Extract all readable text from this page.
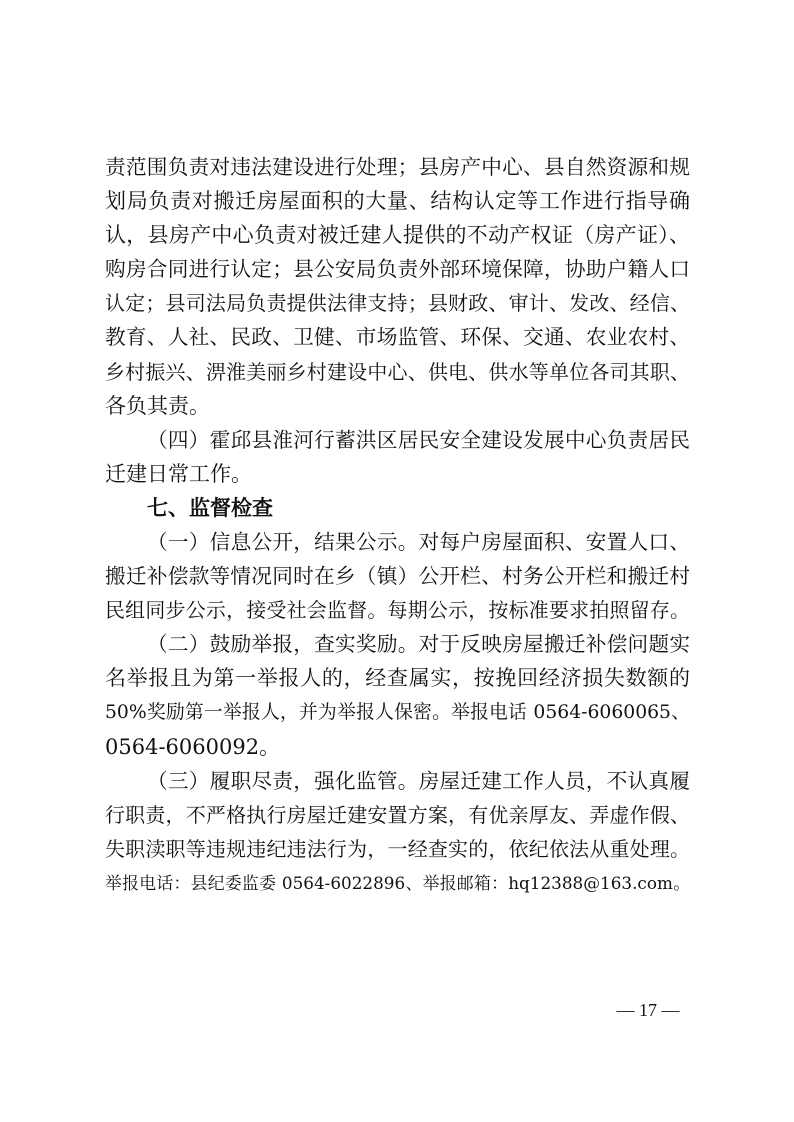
责范围负责对违法建设进行处理；县房产中心、县自然资源和规
划局负责对搬迁房屋面积的大量、结构认定等工作进行指导确
认，县房产中心负责对被迁建人提供的不动产权证（房产证）、
购房合同进行认定；县公安局负责外部环境保障，协助户籍人口
认定；县司法局负责提供法律支持；县财政、审计、发改、经信、
教育、人社、民政、卫健、市场监管、环保、交通、农业农村、
乡村振兴、淠淮美丽乡村建设中心、供电、供水等单位各司其职、
各负其责。
（四）霍邱县淮河行蓄洪区居民安全建设发展中心负责居民
迁建日常工作。
七、监督检查
（一）信息公开，结果公示。对每户房屋面积、安置人口、
搬迁补偿款等情况同时在乡（镇）公开栏、村务公开栏和搬迁村
民组同步公示，接受社会监督。每期公示，按标准要求拍照留存。
（二）鼓励举报，查实奖励。对于反映房屋搬迁补偿问题实
名举报且为第一举报人的，经查属实，按挽回经济损失数额的
50%奖励第一举报人，并为举报人保密。举报电话 0564-6060065、
0564-6060092。
（三）履职尽责，强化监管。房屋迁建工作人员，不认真履
行职责，不严格执行房屋迁建安置方案，有优亲厚友、弄虚作假、
失职渎职等违规违纪违法行为，一经查实的，依纪依法从重处理。
举报电话：县纪委监委 0564-6022896、举报邮箱：hq12388@163.com。
— 17 —
